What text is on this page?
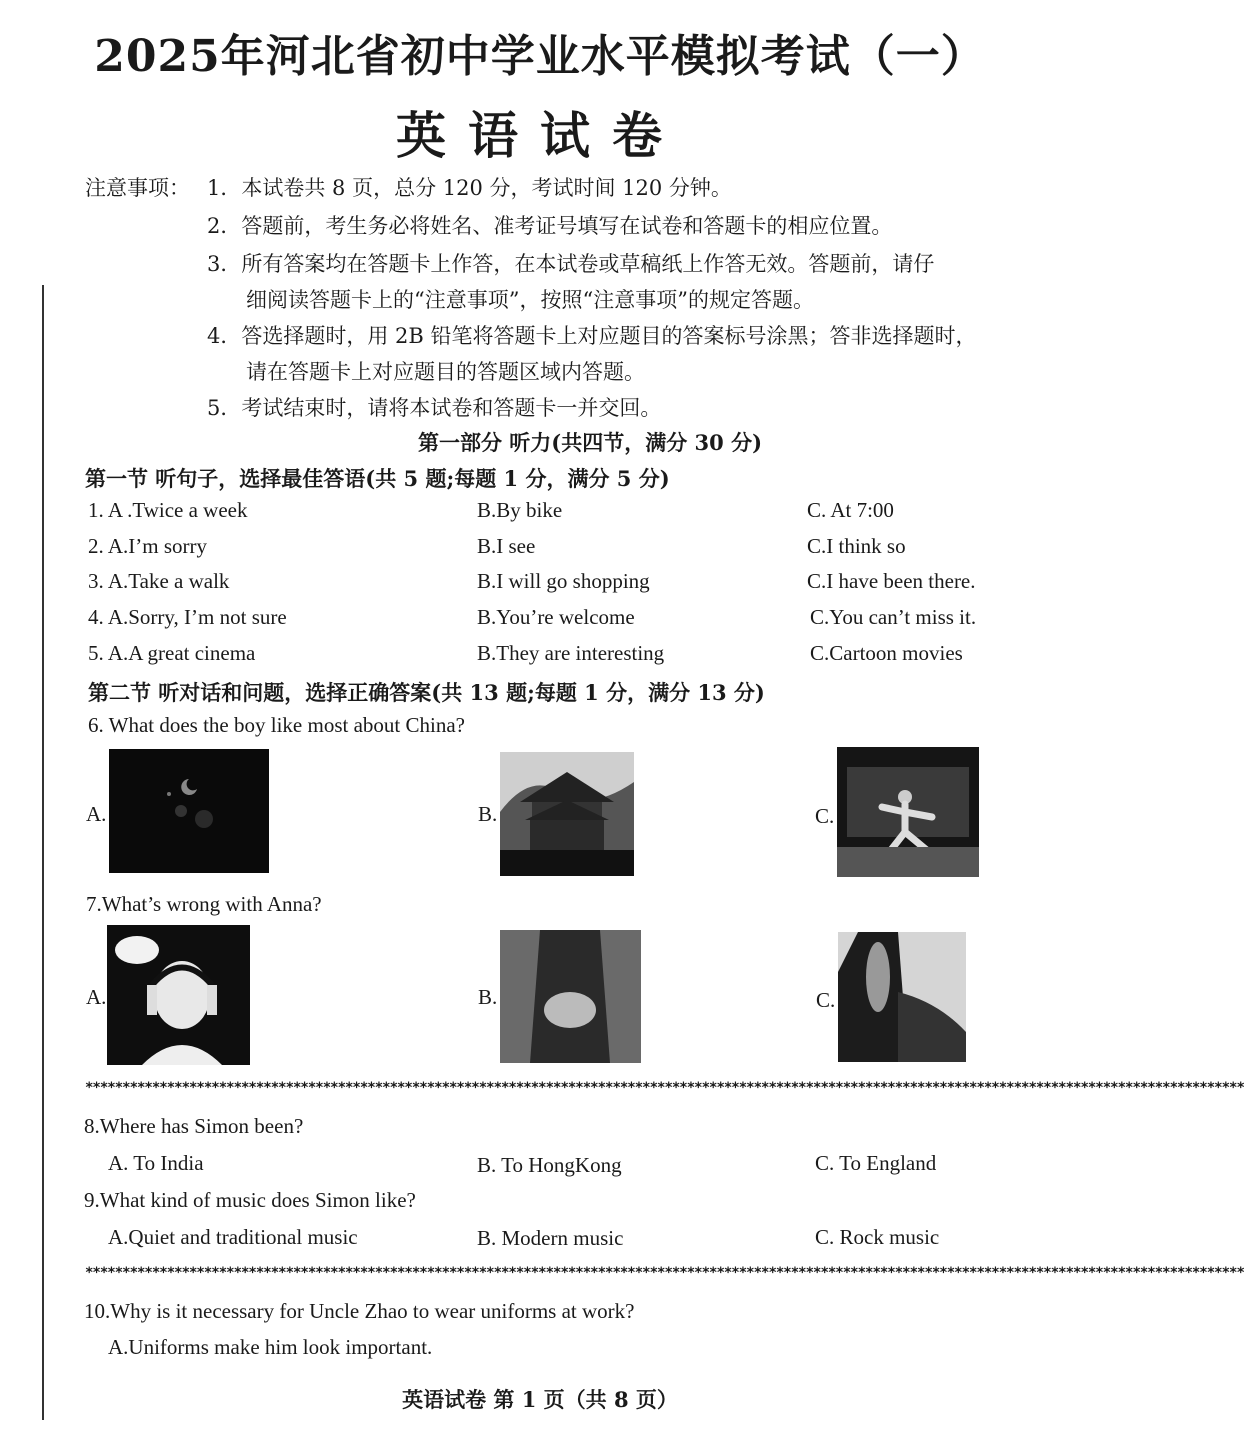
2025年河北省初中学业水平模拟考试（一）
英语试卷
注意事项： 1．本试卷共 8 页，总分 120 分，考试时间 120 分钟。
2．答题前，考生务必将姓名、准考证号填写在试卷和答题卡的相应位置。
3．所有答案均在答题卡上作答，在本试卷或草稿纸上作答无效。答题前，请仔
细阅读答题卡上的“注意事项”，按照“注意事项”的规定答题。
4．答选择题时，用 2B 铅笔将答题卡上对应题目的答案标号涂黑；答非选择题时，
请在答题卡上对应题目的答题区域内答题。
5．考试结束时，请将本试卷和答题卡一并交回。
第一部分 听力(共四节，满分 30 分)
第一节 听句子，选择最佳答语(共 5 题;每题 1 分，满分 5 分)
1. A .Twice a week	B.By bike	C. At 7:00
2. A.I’m sorry	B.I see	C.I think so
3. A.Take a walk	B.I will go shopping	C.I have been there.
4. A.Sorry, I’m not sure	B.You’re welcome	C.You can’t miss it.
5. A.A great cinema	B.They are interesting	C.Cartoon movies
第二节 听对话和问题，选择正确答案(共 13 题;每题 1 分，满分 13 分)
6. What does the boy like most about China?
A.	B.	C.
7.What’s wrong with Anna?
A.	B.	C.
************************************************************************************************************************************************************
8.Where has Simon been?
A. To India	B. To HongKong	C. To England
9.What kind of music does Simon like?
A.Quiet and traditional music	B. Modern music	C. Rock music
************************************************************************************************************************************************************
10.Why is it necessary for Uncle Zhao to wear uniforms at work?
A.Uniforms make him look important.
英语试卷 第 1 页（共 8 页）
